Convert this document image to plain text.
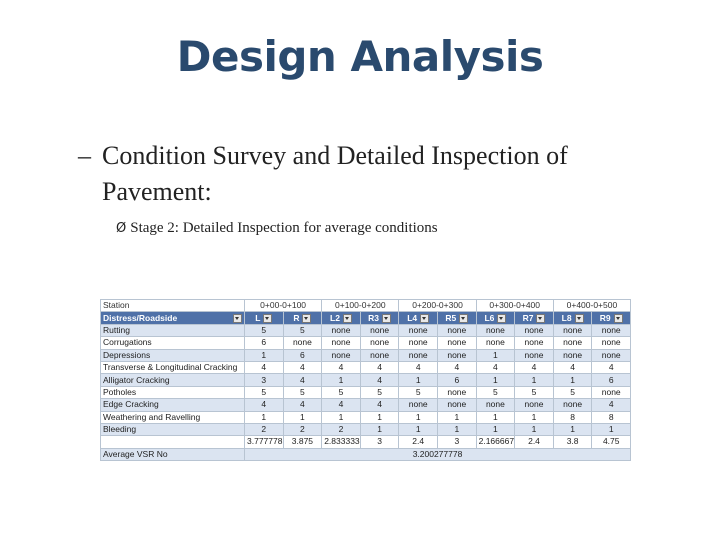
Design Analysis
– Condition Survey and Detailed Inspection of
Pavement:
Ø Stage 2: Detailed Inspection for average conditions
Station	0+00-0+100		0+100-0+200		0+200-0+300		0+300-0+400		0+400-0+500	
Distress/Roadside	L	R	L2	R3	L4	R5	L6	R7	L8	R9
Rutting	5	5	none	none	none	none	none	none	none	none
Corrugations	6	none	none	none	none	none	none	none	none	none
Depressions	1	6	none	none	none	none	1	none	none	none
Transverse & Longitudinal Cracking	4	4	4	4	4	4	4	4	4	4
Alligator Cracking	3	4	1	4	1	6	1	1	1	6
Potholes	5	5	5	5	5	none	5	5	5	none
Edge Cracking	4	4	4	4	none	none	none	none	none	4
Weathering and Ravelling	1	1	1	1	1	1	1	1	8	8
Bleeding	2	2	2	1	1	1	1	1	1	1
	3.777778	3.875	2.833333	3	2.4	3	2.166667	2.4	3.8	4.75
Average VSR No	3.200277778									
